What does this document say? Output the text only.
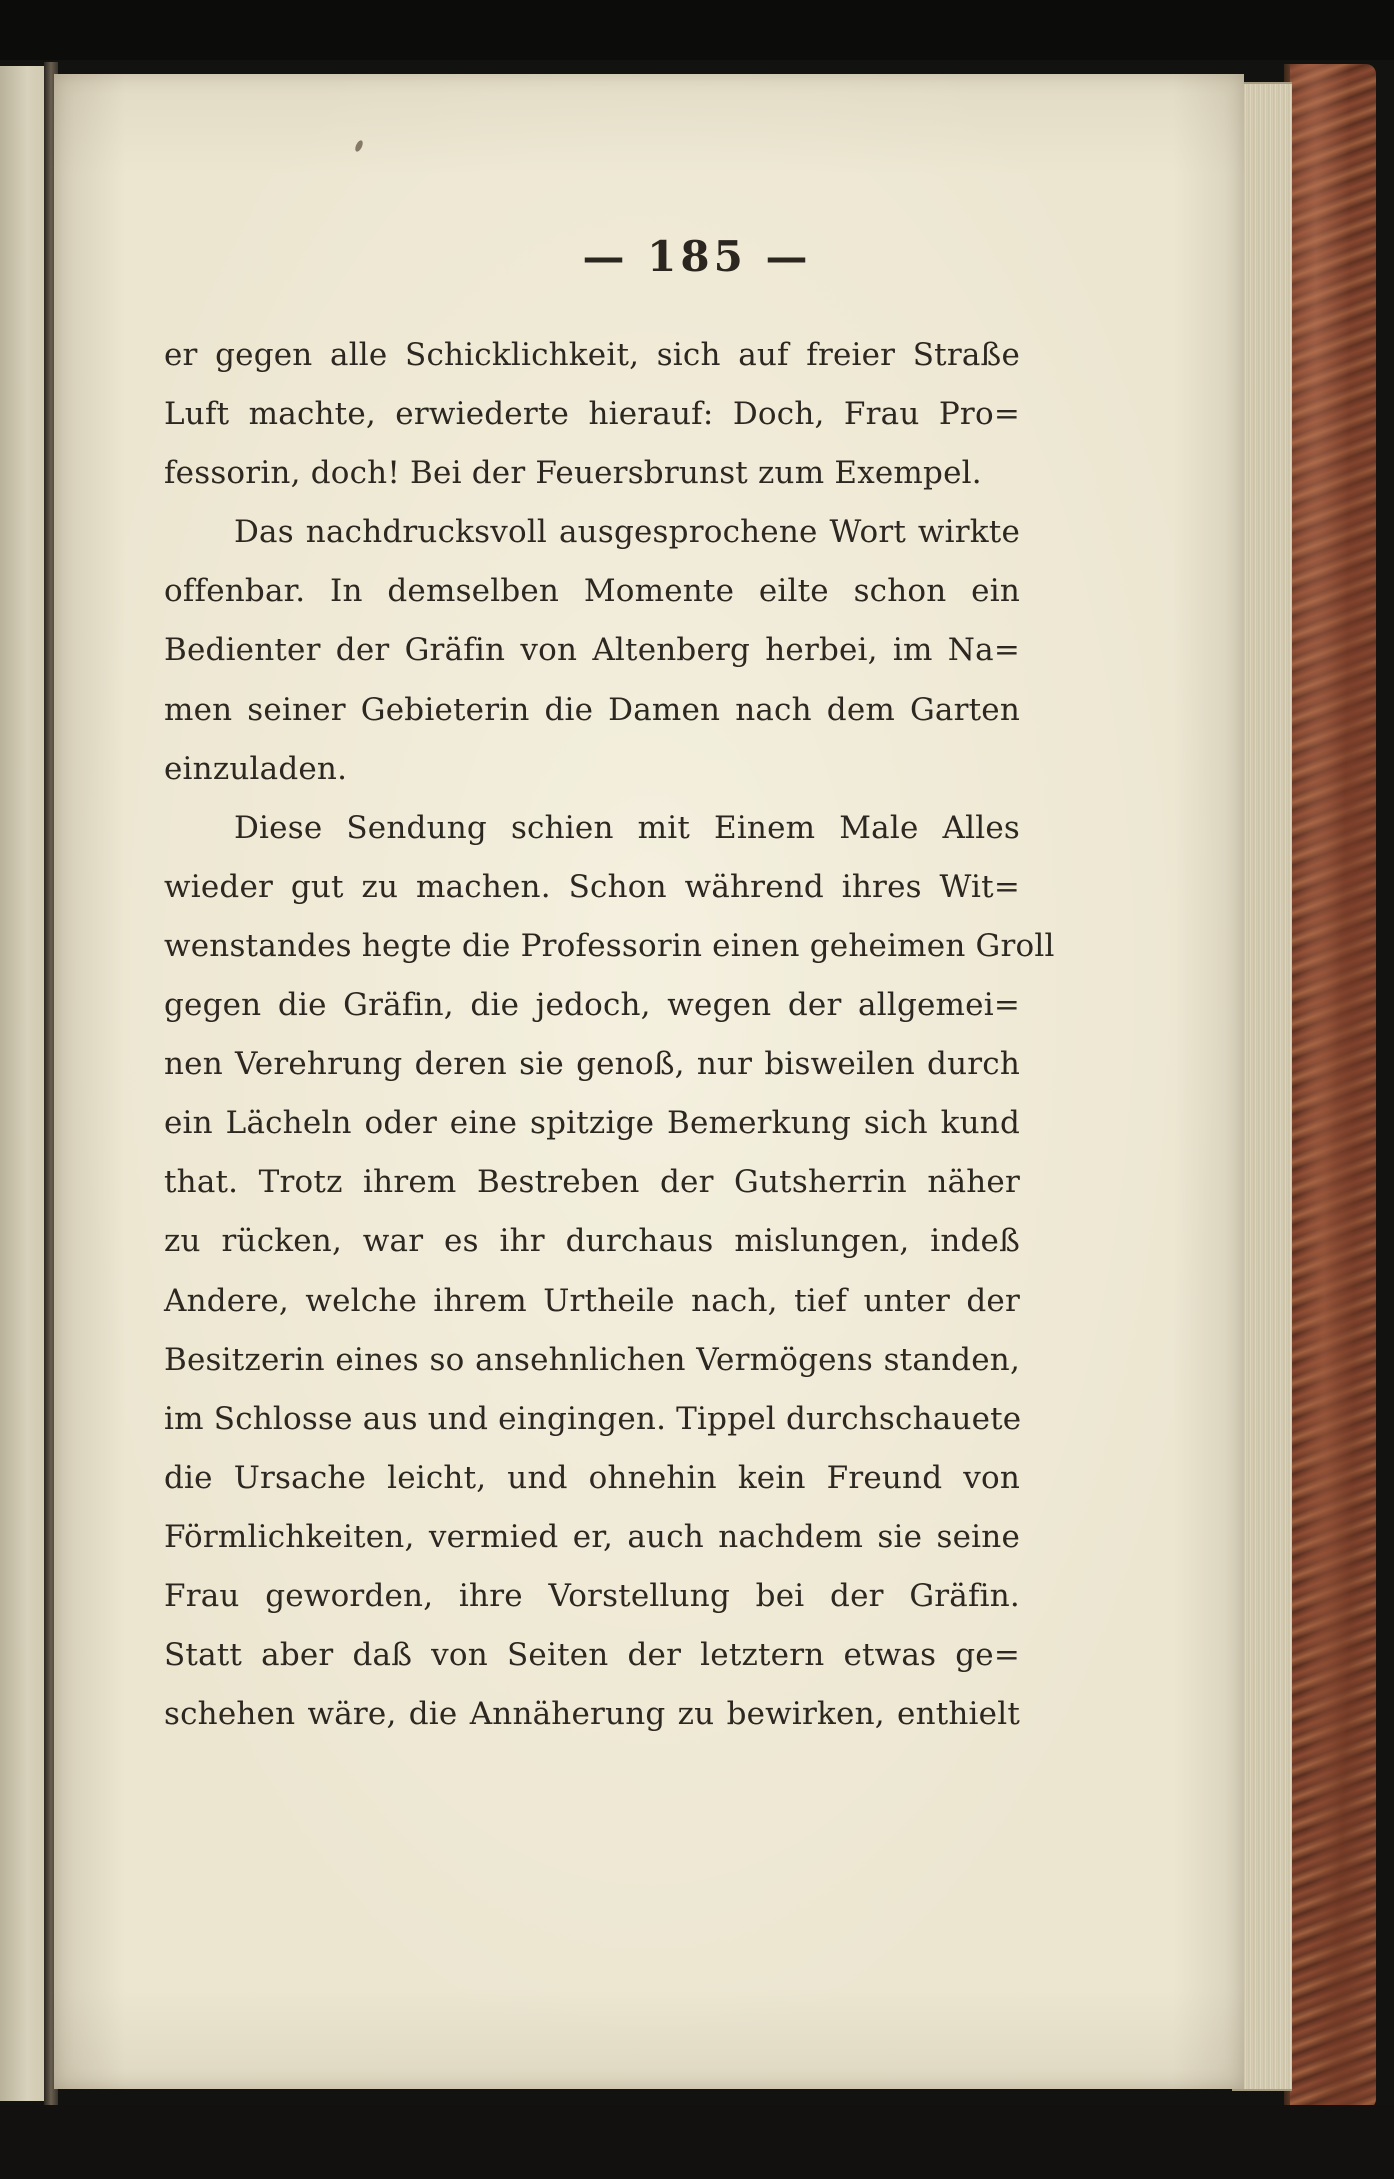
— 185 —
er gegen alle Schicklichkeit, sich auf freier Straße
Luft machte, erwiederte hierauf: Doch, Frau Pro=
fessorin, doch! Bei der Feuersbrunst zum Exempel.
Das nachdrucksvoll ausgesprochene Wort wirkte
offenbar. In demselben Momente eilte schon ein
Bedienter der Gräfin von Altenberg herbei, im Na=
men seiner Gebieterin die Damen nach dem Garten
einzuladen.
Diese Sendung schien mit Einem Male Alles
wieder gut zu machen. Schon während ihres Wit=
wenstandes hegte die Professorin einen geheimen Groll
gegen die Gräfin, die jedoch, wegen der allgemei=
nen Verehrung deren sie genoß, nur bisweilen durch
ein Lächeln oder eine spitzige Bemerkung sich kund
that. Trotz ihrem Bestreben der Gutsherrin näher
zu rücken, war es ihr durchaus mislungen, indeß
Andere, welche ihrem Urtheile nach, tief unter der
Besitzerin eines so ansehnlichen Vermögens standen,
im Schlosse aus und eingingen. Tippel durchschauete
die Ursache leicht, und ohnehin kein Freund von
Förmlichkeiten, vermied er, auch nachdem sie seine
Frau geworden, ihre Vorstellung bei der Gräfin.
Statt aber daß von Seiten der letztern etwas ge=
schehen wäre, die Annäherung zu bewirken, enthielt
